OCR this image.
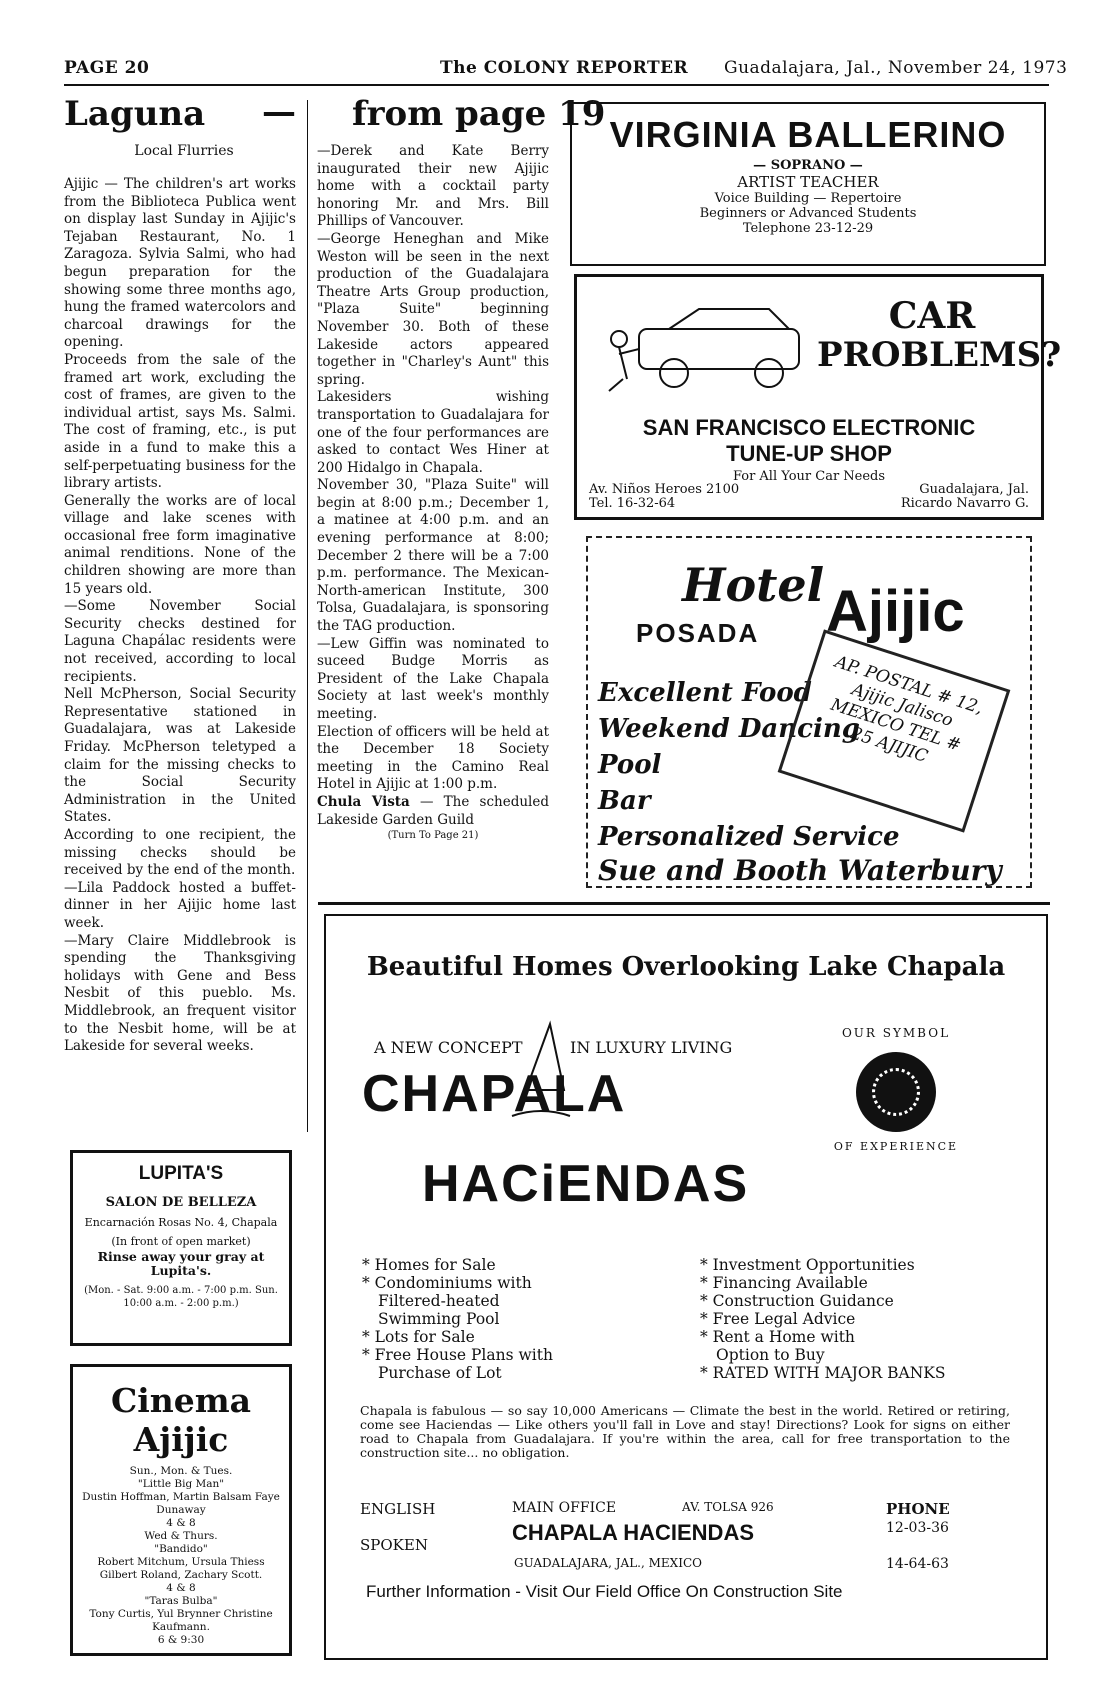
PAGE 20	The COLONY REPORTER Guadalajara, Jal., November 24, 1973
Laguna — from page 19
Local Flurries

Ajijic — The children's art works from the Biblioteca Publica went on display last Sunday in Ajijic's Tejaban Restaurant, No. 1 Zaragoza. Sylvia Salmi, who had begun preparation for the showing some three months ago, hung the framed watercolors and charcoal drawings for the opening.

Proceeds from the sale of the framed art work, excluding the cost of frames, are given to the individual artist, says Ms. Salmi. The cost of framing, etc., is put aside in a fund to make this a self-perpetuating business for the library artists.

Generally the works are of local village and lake scenes with occasional free form imaginative animal renditions. None of the children showing are more than 15 years old.

—Some November Social Security checks destined for Laguna Chapálac residents were not received, according to local recipients.

Nell McPherson, Social Security Representative stationed in Guadalajara, was at Lakeside Friday. McPherson teletyped a claim for the missing checks to the Social Security Administration in the United States.

According to one recipient, the missing checks should be received by the end of the month.

—Lila Paddock hosted a buffet-dinner in her Ajijic home last week.

—Mary Claire Middlebrook is spending the Thanksgiving holidays with Gene and Bess Nesbit of this pueblo. Ms. Middlebrook, an frequent visitor to the Nesbit home, will be at Lakeside for several weeks.

—Derek and Kate Berry inaugurated their new Ajijic home with a cocktail party honoring Mr. and Mrs. Bill Phillips of Vancouver.

—George Heneghan and Mike Weston will be seen in the next production of the Guadalajara Theatre Arts Group production, "Plaza Suite" beginning November 30. Both of these Lakeside actors appeared together in "Charley's Aunt" this spring.

Lakesiders wishing transportation to Guadalajara for one of the four performances are asked to contact Wes Hiner at 200 Hidalgo in Chapala.

November 30, "Plaza Suite" will begin at 8:00 p.m.; December 1, a matinee at 4:00 p.m. and an evening performance at 8:00; December 2 there will be a 7:00 p.m. performance. The Mexican-North-american Institute, 300 Tolsa, Guadalajara, is sponsoring the TAG production.

—Lew Giffin was nominated to suceed Budge Morris as President of the Lake Chapala Society at last week's monthly meeting.

Election of officers will be held at the December 18 Society meeting in the Camino Real Hotel in Ajijic at 1:00 p.m.

Chula Vista — The scheduled Lakeside Garden Guild

(Turn To Page 21)

VIRGINIA BALLERINO
— SOPRANO —
ARTIST TEACHER
Voice Building — Repertoire
Beginners or Advanced Students
Telephone 23-12-29
CAR
PROBLEMS?
SAN FRANCISCO ELECTRONIC
TUNE-UP SHOP
For All Your Car Needs
Av. Niños Heroes 2100	Guadalajara, Jal.
Tel. 16-32-64	Ricardo Navarro G.
Hotel
POSADA Ajijic
Excellent Food
Weekend Dancing
Pool
Bar
Personalized Service
Sue and Booth Waterbury
AP. POSTAL # 12, Ajijic Jalisco MEXICO TEL # 25 AJIJIC
LUPITA'S
SALON DE BELLEZA
Encarnación Rosas No. 4, Chapala
(In front of open market)
Rinse away your gray at Lupita's.
(Mon. - Sat. 9:00 a.m. - 7:00 p.m. Sun. 10:00 a.m. - 2:00 p.m.)
Cinema Ajijic
Sun., Mon. & Tues.
"Little Big Man"
Dustin Hoffman, Martin Balsam Faye Dunaway
4 & 8
Wed & Thurs.
"Bandido"
Robert Mitchum, Ursula Thiess Gilbert Roland, Zachary Scott.
4 & 8
"Taras Bulba"
Tony Curtis, Yul Brynner Christine Kaufmann.
6 & 9:30
Beautiful Homes Overlooking Lake Chapala
A NEW CONCEPT	IN LUXURY LIVING
CHAPALA
HACiENDAS
OUR SYMBOL
OF EXPERIENCE
* Homes for Sale
* Condominiums with
Filtered-heated
Swimming Pool
* Lots for Sale
* Free House Plans with
Purchase of Lot
* Investment Opportunities
* Financing Available
* Construction Guidance
* Free Legal Advice
* Rent a Home with
Option to Buy
* RATED WITH MAJOR BANKS
Chapala is fabulous — so say 10,000 Americans — Climate the best in the world. Retired or retiring, come see Haciendas — Like others you'll fall in Love and stay! Directions? Look for signs on either road to Chapala from Guadalajara. If you're within the area, call for free transportation to the construction site... no obligation.
ENGLISH
SPOKEN
MAIN OFFICE	AV. TOLSA 926
CHAPALA HACIENDAS
GUADALAJARA, JAL., MEXICO
PHONE
12-03-36
14-64-63
Further Information - Visit Our Field Office On Construction Site
